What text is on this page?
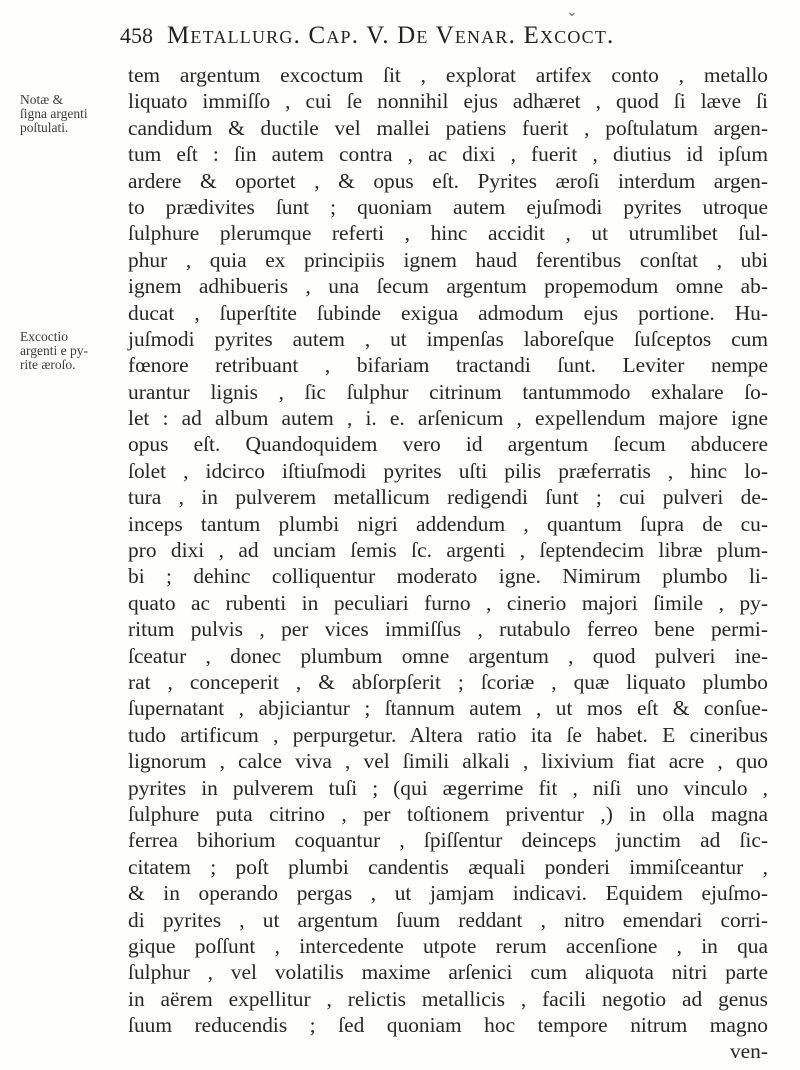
⌄
458 Metallurg. Cap. V. De Venar. Excoct.
Notæ &
ſigna argenti
poſtulati.
Excoctio
argenti e py-
rite æroſo.
tem argentum excoctum ſit , explorat artifex conto , metallo
liquato immiſſo , cui ſe nonnihil ejus adhæret , quod ſi læve ſi
candidum & ductile vel mallei patiens fuerit , poſtulatum argen-
tum eſt : ſin autem contra , ac dixi , fuerit , diutius id ipſum
ardere & oportet , & opus eſt. Pyrites æroſi interdum argen-
to prædivites ſunt ; quoniam autem ejuſmodi pyrites utroque
ſulphure plerumque referti , hinc accidit , ut utrumlibet ſul-
phur , quia ex principiis ignem haud ferentibus conſtat , ubi
ignem adhibueris , una ſecum argentum propemodum omne ab-
ducat , ſuperſtite ſubinde exigua admodum ejus portione. Hu-
juſmodi pyrites autem , ut impenſas laboreſque ſuſceptos cum
fœnore retribuant , bifariam tractandi ſunt. Leviter nempe
urantur lignis , ſic ſulphur citrinum tantummodo exhalare ſo-
let : ad album autem , i. e. arſenicum , expellendum majore igne
opus eſt. Quandoquidem vero id argentum ſecum abducere
ſolet , idcirco iſtiuſmodi pyrites uſti pilis præferratis , hinc lo-
tura , in pulverem metallicum redigendi ſunt ; cui pulveri de-
inceps tantum plumbi nigri addendum , quantum ſupra de cu-
pro dixi , ad unciam ſemis ſc. argenti , ſeptendecim libræ plum-
bi ; dehinc colliquentur moderato igne. Nimirum plumbo li-
quato ac rubenti in peculiari furno , cinerio majori ſimile , py-
ritum pulvis , per vices immiſſus , rutabulo ferreo bene permi-
ſceatur , donec plumbum omne argentum , quod pulveri ine-
rat , conceperit , & abſorpſerit ; ſcoriæ , quæ liquato plumbo
ſupernatant , abjiciantur ; ſtannum autem , ut mos eſt & conſue-
tudo artificum , perpurgetur. Altera ratio ita ſe habet. E cineribus
lignorum , calce viva , vel ſimili alkali , lixivium fiat acre , quo
pyrites in pulverem tuſi ; (qui ægerrime fit , niſi uno vinculo ,
ſulphure puta citrino , per toſtionem priventur ,) in olla magna
ferrea bihorium coquantur , ſpiſſentur deinceps junctim ad ſic-
citatem ; poſt plumbi candentis æquali ponderi immiſceantur ,
& in operando pergas , ut jamjam indicavi. Equidem ejuſmo-
di pyrites , ut argentum ſuum reddant , nitro emendari corri-
gique poſſunt , intercedente utpote rerum accenſione , in qua
ſulphur , vel volatilis maxime arſenici cum aliquota nitri parte
in aërem expellitur , relictis metallicis , facili negotio ad genus
ſuum reducendis ; ſed quoniam hoc tempore nitrum magno
ven-
